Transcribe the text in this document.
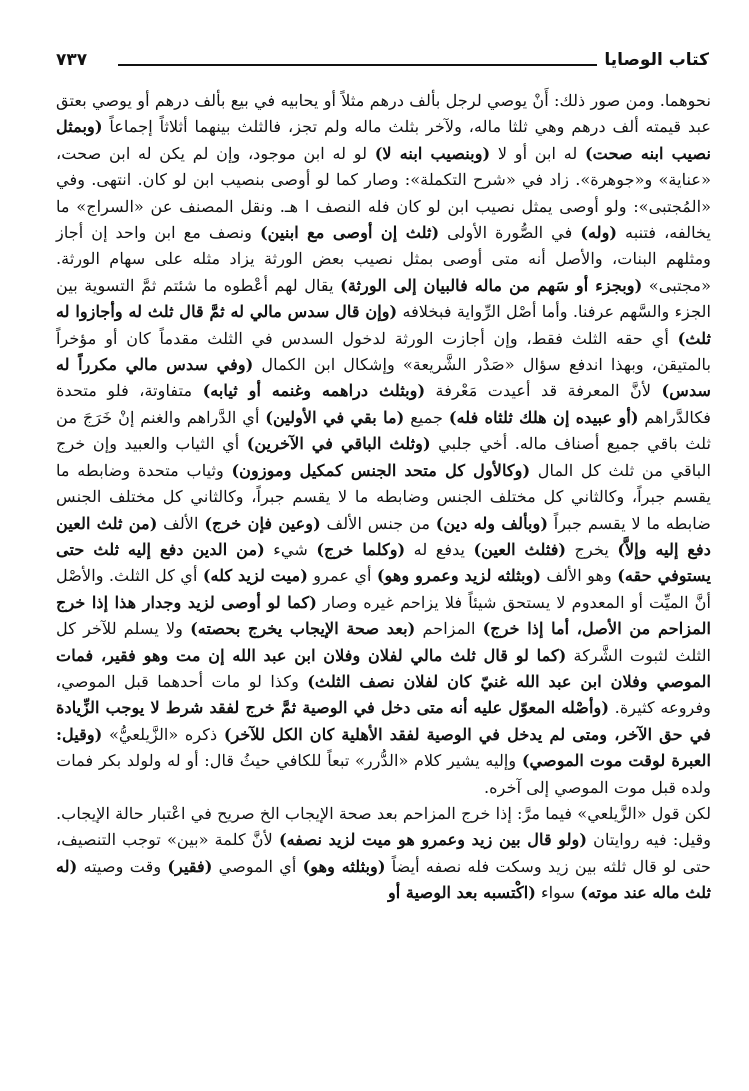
كتاب الوصايا
٧٣٧

نحوهما. ومن صور ذلك: أَنْ يوصي لرجل بألف درهم مثلاً أو يحابيه في بيع بألف درهم أو يوصي بعتق عبد قيمته ألف درهم وهي ثلثا ماله، ولآخر بثلث ماله ولم تجز، فالثلث بينهما أثلاثاً إجماعاً (وبمثل نصيب ابنه صحت) له ابن أو لا (وبنصيب ابنه لا) لو له ابن موجود، وإن لم يكن له ابن صحت، «عناية» و«جوهرة». زاد في «شرح التكملة»: وصار كما لو أوصى بنصيب ابن لو كان. انتهى. وفي «المُجتبى»: ولو أوصى يمثل نصيب ابن لو كان فله النصف ا هـ. ونقل المصنف عن «السراج» ما يخالفه، فتنبه (وله) في الصُّورة الأولى (ثلث إن أوصى مع ابنين) ونصف مع ابن واحد إن أجاز ومثلهم البنات، والأصل أنه متى أوصى بمثل نصيب بعض الورثة يزاد مثله على سهام الورثة. «مجتبى» (وبجزء أو سَهم من ماله فالبيان إلى الورثة) يقال لهم أعْطوه ما شئتم ثمَّ التسوية بين الجزء والسَّهم عرفنا. وأما أصْل الرِّواية فبخلافه (وإن قال سدس مالي له ثمَّ قال ثلث له وأجازوا له ثلث) أي حقه الثلث فقط، وإن أجازت الورثة لدخول السدس في الثلث مقدماً كان أو مؤخراً بالمتيقن، وبهذا اندفع سؤال «صَدْر الشَّريعة» وإشكال ابن الكمال (وفي سدس مالي مكرراً له سدس) لأنَّ المعرفة قد أعيدت مَعْرفة (وبثلث دراهمه وغنمه أو ثيابه) متفاوتة، فلو متحدة فكالدَّراهم (أو عبيده إن هلك ثلثاه فله) جميع (ما بقي في الأولين) أي الدَّراهم والغنم إنْ خَرَجَ من ثلث باقي جميع أصناف ماله. أخي جلبي (وثلث الباقي في الآخرين) أي الثياب والعبيد وإن خرج الباقي من ثلث كل المال (وكالأول كل متحد الجنس كمكيل وموزون) وثياب متحدة وضابطه ما يقسم جبراً، وكالثاني كل مختلف الجنس وضابطه ما لا يقسم جبراً، وكالثاني كل مختلف الجنس ضابطه ما لا يقسم جبراً (وبألف وله دين) من جنس الألف (وعين فإن خرج) الألف (من ثلث العين دفع إليه وإلاَّ) يخرج (فثلث العين) يدفع له (وكلما خرج) شيء (من الدين دفع إليه ثلث حتى يستوفي حقه) وهو الألف (وبثلثه لزيد وعمرو وهو) أي عمرو (ميت لزيد كله) أي كل الثلث. والأصْل أنَّ الميِّت أو المعدوم لا يستحق شيئاً فلا يزاحم غيره وصار (كما لو أوصى لزيد وجدار هذا إذا خرج المزاحم من الأصل، أما إذا خرج) المزاحم (بعد صحة الإيجاب يخرج بحصته) ولا يسلم للآخر كل الثلث لثبوت الشَّركة (كما لو قال ثلث مالي لفلان وفلان ابن عبد الله إن مت وهو فقير، فمات الموصي وفلان ابن عبد الله غنيّ كان لفلان نصف الثلث) وكذا لو مات أحدهما قبل الموصي، وفروعه كثيرة. (وأصْله المعوّل عليه أنه متى دخل في الوصية ثمَّ خرج لفقد شرط لا يوجب الزِّيادة في حق الآخر، ومتى لم يدخل في الوصية لفقد الأهلية كان الكل للآخر) ذكره «الزَّيلعيُّ» (وقيل: العبرة لوقت موت الموصي) وإليه يشير كلام «الدُّرر» تبعاً للكافي حيثُ قال: أو له ولولد بكر فمات ولده قبل موت الموصي إلى آخره.

لكن قول «الزَّيلعي» فيما مرَّ: إذا خرج المزاحم بعد صحة الإيجاب الخ صريح في اعْتبار حالة الإيجاب. وقيل: فيه روايتان (ولو قال بين زيد وعمرو هو ميت لزيد نصفه) لأنَّ كلمة «بين» توجب التنصيف، حتى لو قال ثلثه بين زيد وسكت فله نصفه أيضاً (وبثلثه وهو) أي الموصي (فقير) وقت وصيته (له ثلث ماله عند موته) سواء (اكْتسبه بعد الوصية أو
